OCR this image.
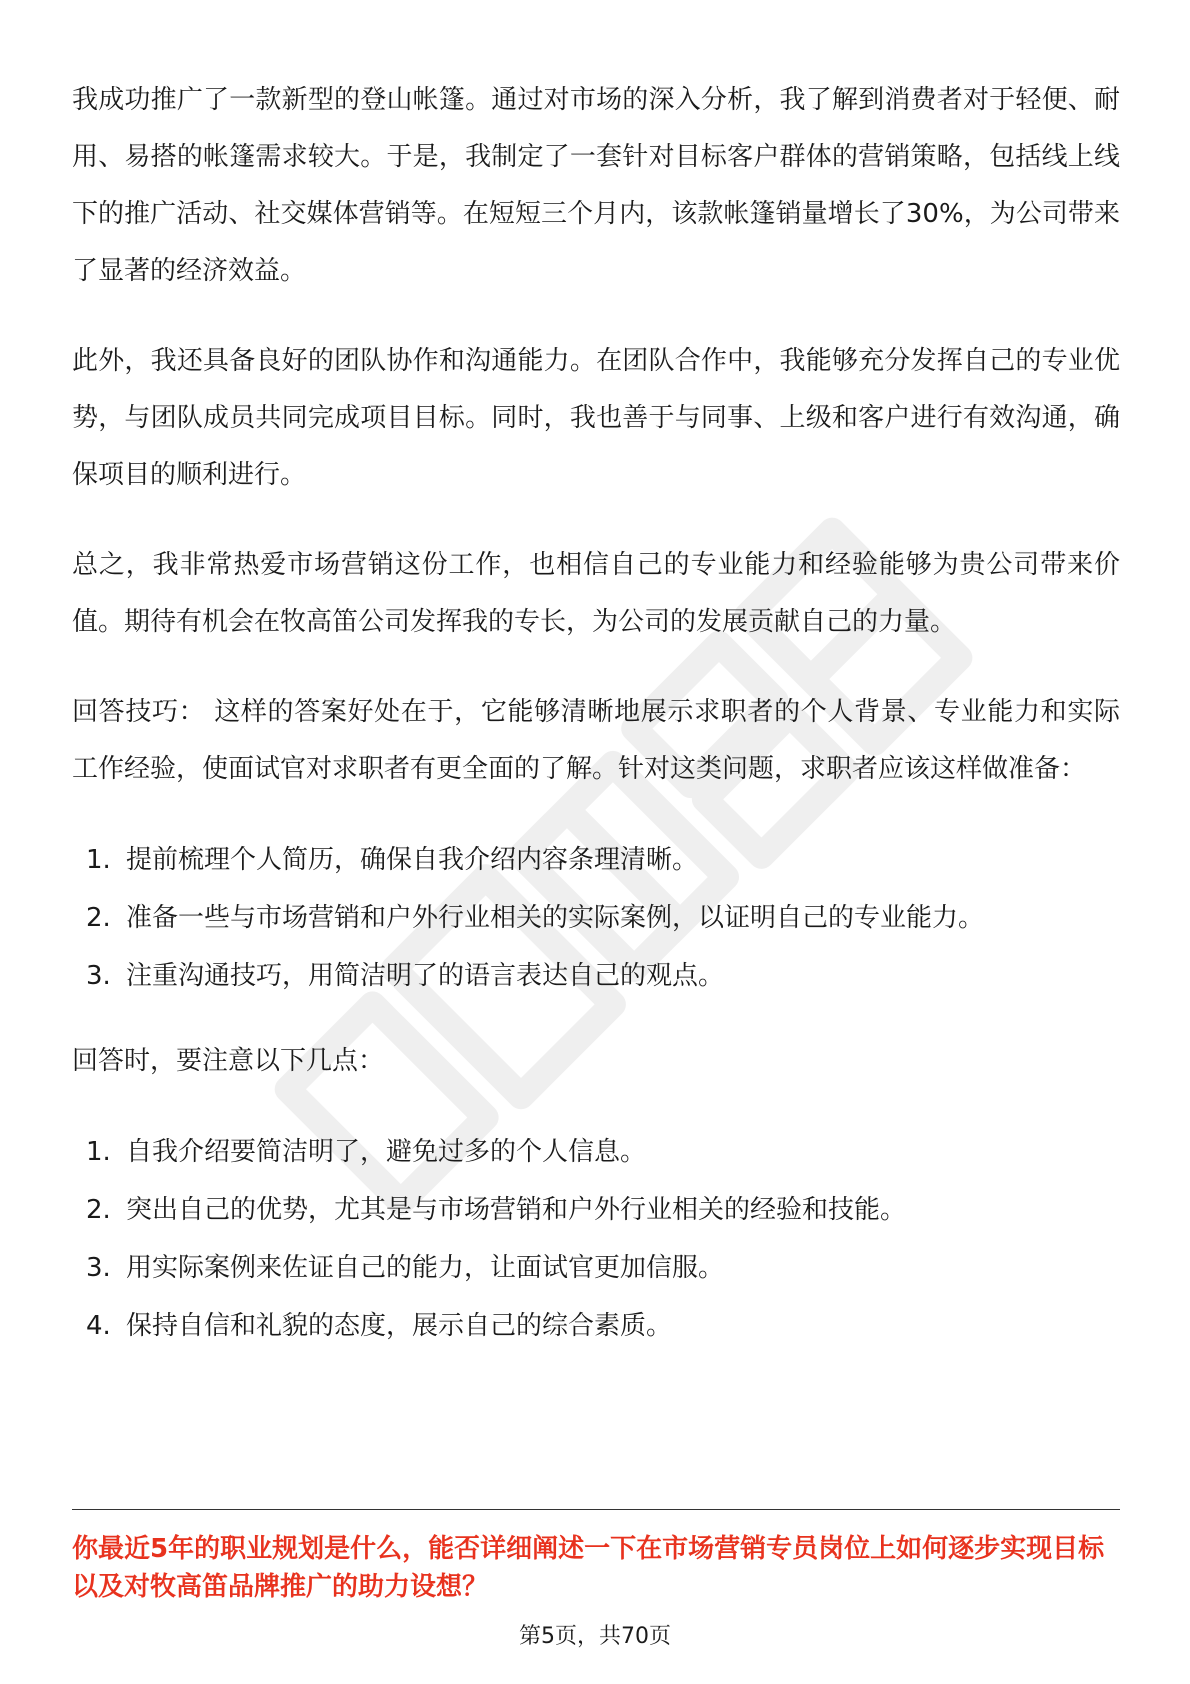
我成功推广了一款新型的登山帐篷。通过对市场的深入分析，我了解到消费者对于轻便、耐用、易搭的帐篷需求较大。于是，我制定了一套针对目标客户群体的营销策略，包括线上线下的推广活动、社交媒体营销等。在短短三个月内，该款帐篷销量增长了30%，为公司带来了显著的经济效益。

此外，我还具备良好的团队协作和沟通能力。在团队合作中，我能够充分发挥自己的专业优势，与团队成员共同完成项目目标。同时，我也善于与同事、上级和客户进行有效沟通，确保项目的顺利进行。

总之，我非常热爱市场营销这份工作，也相信自己的专业能力和经验能够为贵公司带来价值。期待有机会在牧高笛公司发挥我的专长，为公司的发展贡献自己的力量。

回答技巧： 这样的答案好处在于，它能够清晰地展示求职者的个人背景、专业能力和实际工作经验，使面试官对求职者有更全面的了解。针对这类问题，求职者应该这样做准备：

1. 提前梳理个人简历，确保自我介绍内容条理清晰。
2. 准备一些与市场营销和户外行业相关的实际案例，以证明自己的专业能力。
3. 注重沟通技巧，用简洁明了的语言表达自己的观点。

回答时，要注意以下几点：

1. 自我介绍要简洁明了，避免过多的个人信息。
2. 突出自己的优势，尤其是与市场营销和户外行业相关的经验和技能。
3. 用实际案例来佐证自己的能力，让面试官更加信服。
4. 保持自信和礼貌的态度，展示自己的综合素质。
你最近5年的职业规划是什么，能否详细阐述一下在市场营销专员岗位上如何逐步实现目标以及对牧高笛品牌推广的助力设想？
第5页，共70页
